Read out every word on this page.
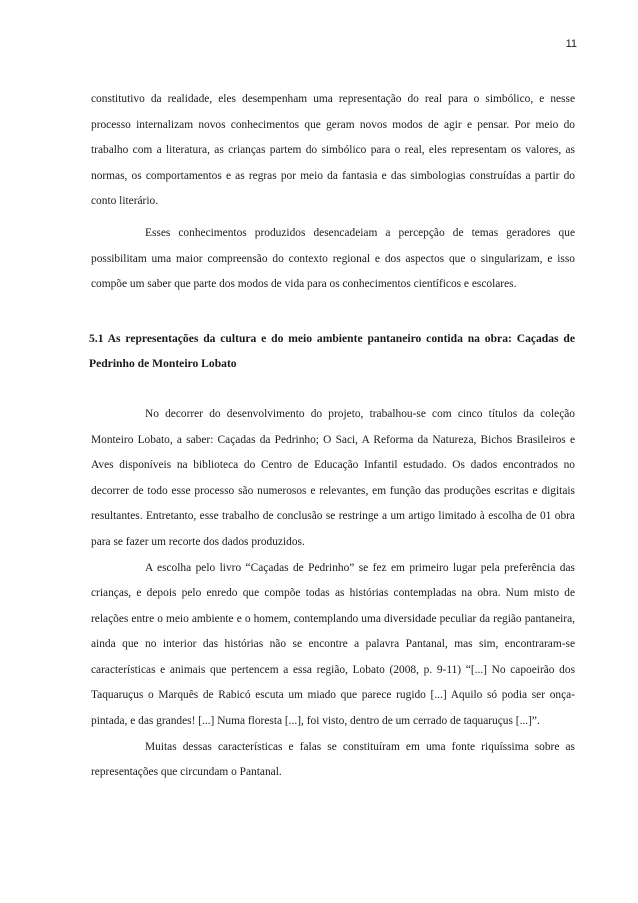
11

constitutivo da realidade, eles desempenham uma representação do real para o simbólico, e nesse processo internalizam novos conhecimentos que geram novos modos de agir e pensar. Por meio do trabalho com a literatura, as crianças partem do simbólico para o real, eles representam os valores, as normas, os comportamentos e as regras por meio da fantasia e das simbologias construídas a partir do conto literário.

Esses conhecimentos produzidos desencadeiam a percepção de temas geradores que possibilitam uma maior compreensão do contexto regional e dos aspectos que o singularizam, e isso compõe um saber que parte dos modos de vida para os conhecimentos científicos e escolares.

5.1 As representações da cultura e do meio ambiente pantaneiro contida na obra: Caçadas de Pedrinho de Monteiro Lobato

No decorrer do desenvolvimento do projeto, trabalhou-se com cinco títulos da coleção Monteiro Lobato, a saber: Caçadas da Pedrinho; O Saci, A Reforma da Natureza, Bichos Brasileiros e Aves disponíveis na biblioteca do Centro de Educação Infantil estudado. Os dados encontrados no decorrer de todo esse processo são numerosos e relevantes, em função das produções escritas e digitais resultantes. Entretanto, esse trabalho de conclusão se restringe a um artigo limitado à escolha de 01 obra para se fazer um recorte dos dados produzidos.

A escolha pelo livro “Caçadas de Pedrinho” se fez em primeiro lugar pela preferência das crianças, e depois pelo enredo que compõe todas as histórias contempladas na obra. Num misto de relações entre o meio ambiente e o homem, contemplando uma diversidade peculiar da região pantaneira, ainda que no interior das histórias não se encontre a palavra Pantanal, mas sim, encontraram-se características e animais que pertencem a essa região, Lobato (2008, p. 9-11) “[...] No capoeirão dos Taquaruçus o Marquês de Rabicó escuta um miado que parece rugido [...] Aquilo só podia ser onça-pintada, e das grandes! [...] Numa floresta [...], foi visto, dentro de um cerrado de taquaruçus [...]”.

Muitas dessas características e falas se constituíram em uma fonte riquíssima sobre as representações que circundam o Pantanal.
